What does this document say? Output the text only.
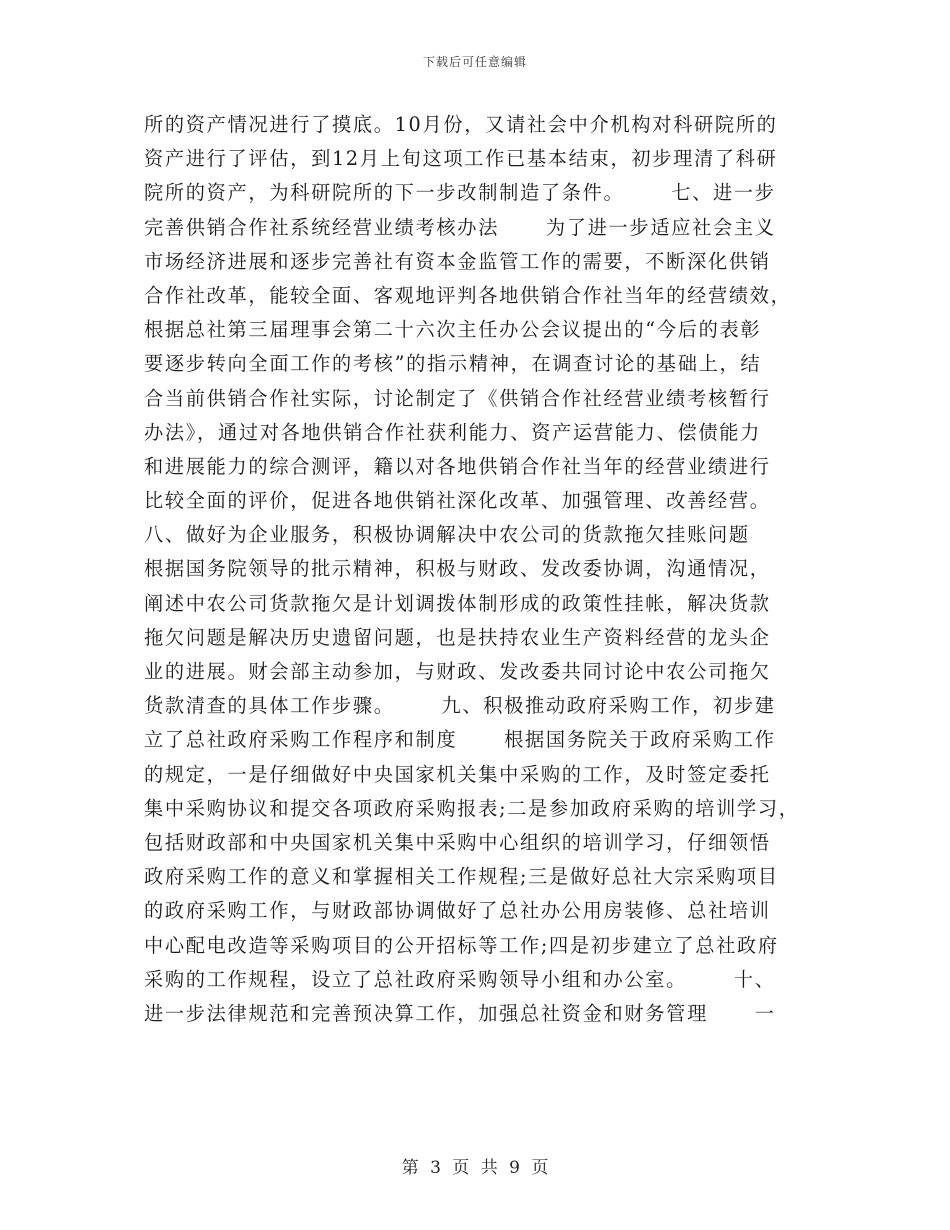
下载后可任意编辑
所的资产情况进行了摸底。10月份，又请社会中介机构对科研院所的
资产进行了评估，到12月上旬这项工作已基本结束，初步理清了科研
院所的资产，为科研院所的下一步改制制造了条件。      七、进一步
完善供销合作社系统经营业绩考核办法      为了进一步适应社会主义
市场经济进展和逐步完善社有资本金监管工作的需要，不断深化供销
合作社改革，能较全面、客观地评判各地供销合作社当年的经营绩效，
根据总社第三届理事会第二十六次主任办公会议提出的“今后的表彰
要逐步转向全面工作的考核”的指示精神，在调查讨论的基础上，结
合当前供销合作社实际，讨论制定了《供销合作社经营业绩考核暂行
办法》，通过对各地供销合作社获利能力、资产运营能力、偿债能力
和进展能力的综合测评，籍以对各地供销合作社当年的经营业绩进行
比较全面的评价，促进各地供销社深化改革、加强管理、改善经营。
八、做好为企业服务，积极协调解决中农公司的货款拖欠挂账问题
根据国务院领导的批示精神，积极与财政、发改委协调，沟通情况，
阐述中农公司货款拖欠是计划调拨体制形成的政策性挂帐，解决货款
拖欠问题是解决历史遗留问题，也是扶持农业生产资料经营的龙头企
业的进展。财会部主动参加，与财政、发改委共同讨论中农公司拖欠
货款清查的具体工作步骤。      九、积极推动政府采购工作，初步建
立了总社政府采购工作程序和制度      根据国务院关于政府采购工作
的规定，一是仔细做好中央国家机关集中采购的工作，及时签定委托
集中采购协议和提交各项政府采购报表;二是参加政府采购的培训学习，
包括财政部和中央国家机关集中采购中心组织的培训学习，仔细领悟
政府采购工作的意义和掌握相关工作规程;三是做好总社大宗采购项目
的政府采购工作，与财政部协调做好了总社办公用房装修、总社培训
中心配电改造等采购项目的公开招标等工作;四是初步建立了总社政府
采购的工作规程，设立了总社政府采购领导小组和办公室。      十、
进一步法律规范和完善预决算工作，加强总社资金和财务管理      一
第 3 页 共 9 页
